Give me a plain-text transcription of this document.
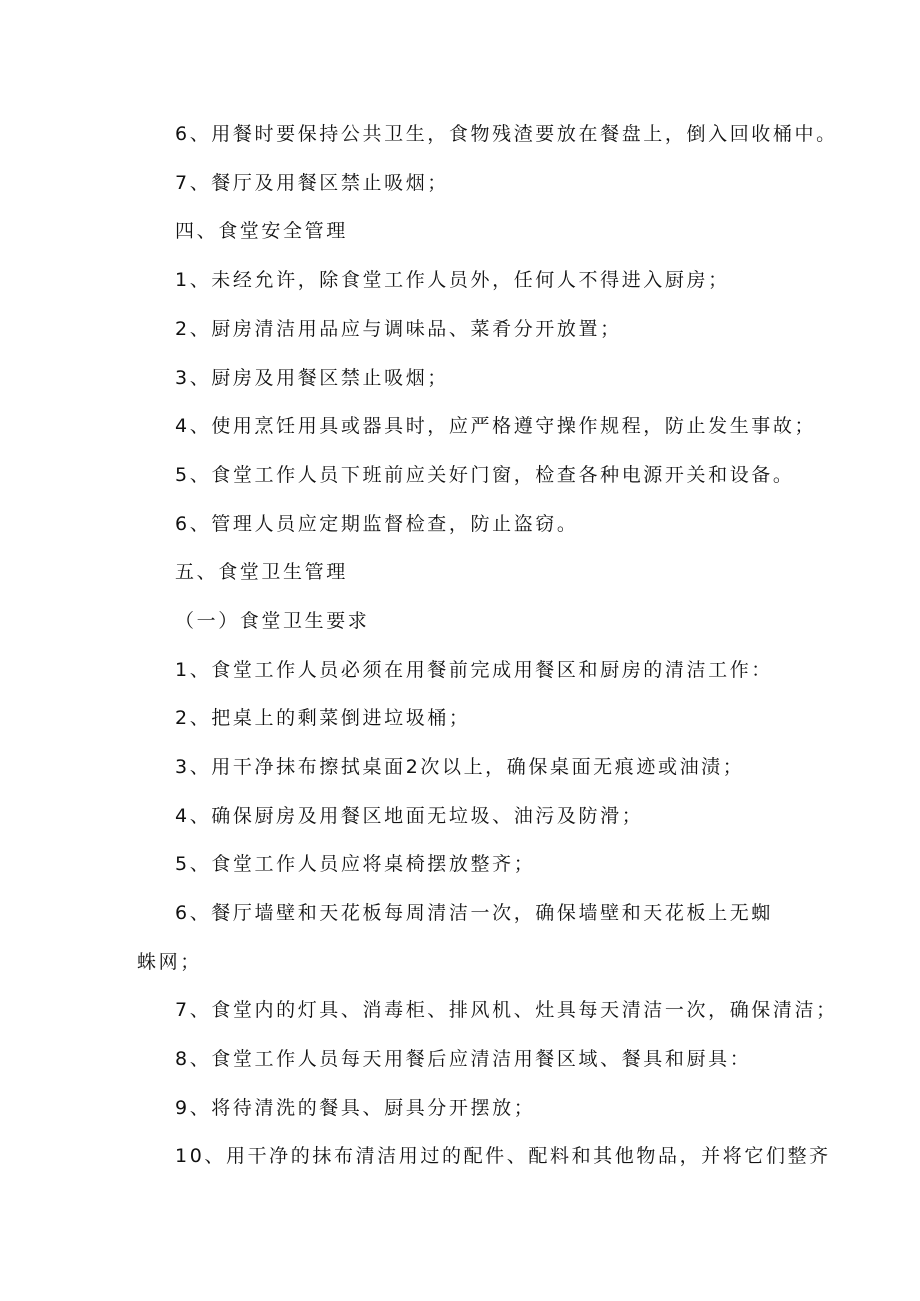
6、用餐时要保持公共卫生，食物残渣要放在餐盘上，倒入回收桶中。
7、餐厅及用餐区禁止吸烟；
四、食堂安全管理
1、未经允许，除食堂工作人员外，任何人不得进入厨房；
2、厨房清洁用品应与调味品、菜肴分开放置；
3、厨房及用餐区禁止吸烟；
4、使用烹饪用具或器具时，应严格遵守操作规程，防止发生事故；
5、食堂工作人员下班前应关好门窗，检查各种电源开关和设备。
6、管理人员应定期监督检查，防止盗窃。
五、食堂卫生管理
（一）食堂卫生要求
1、食堂工作人员必须在用餐前完成用餐区和厨房的清洁工作：
2、把桌上的剩菜倒进垃圾桶；
3、用干净抹布擦拭桌面2次以上，确保桌面无痕迹或油渍；
4、确保厨房及用餐区地面无垃圾、油污及防滑；
5、食堂工作人员应将桌椅摆放整齐；
6、餐厅墙壁和天花板每周清洁一次，确保墙壁和天花板上无蜘
蛛网；
7、食堂内的灯具、消毒柜、排风机、灶具每天清洁一次，确保清洁；
8、食堂工作人员每天用餐后应清洁用餐区域、餐具和厨具：
9、将待清洗的餐具、厨具分开摆放；
10、用干净的抹布清洁用过的配件、配料和其他物品，并将它们整齐
